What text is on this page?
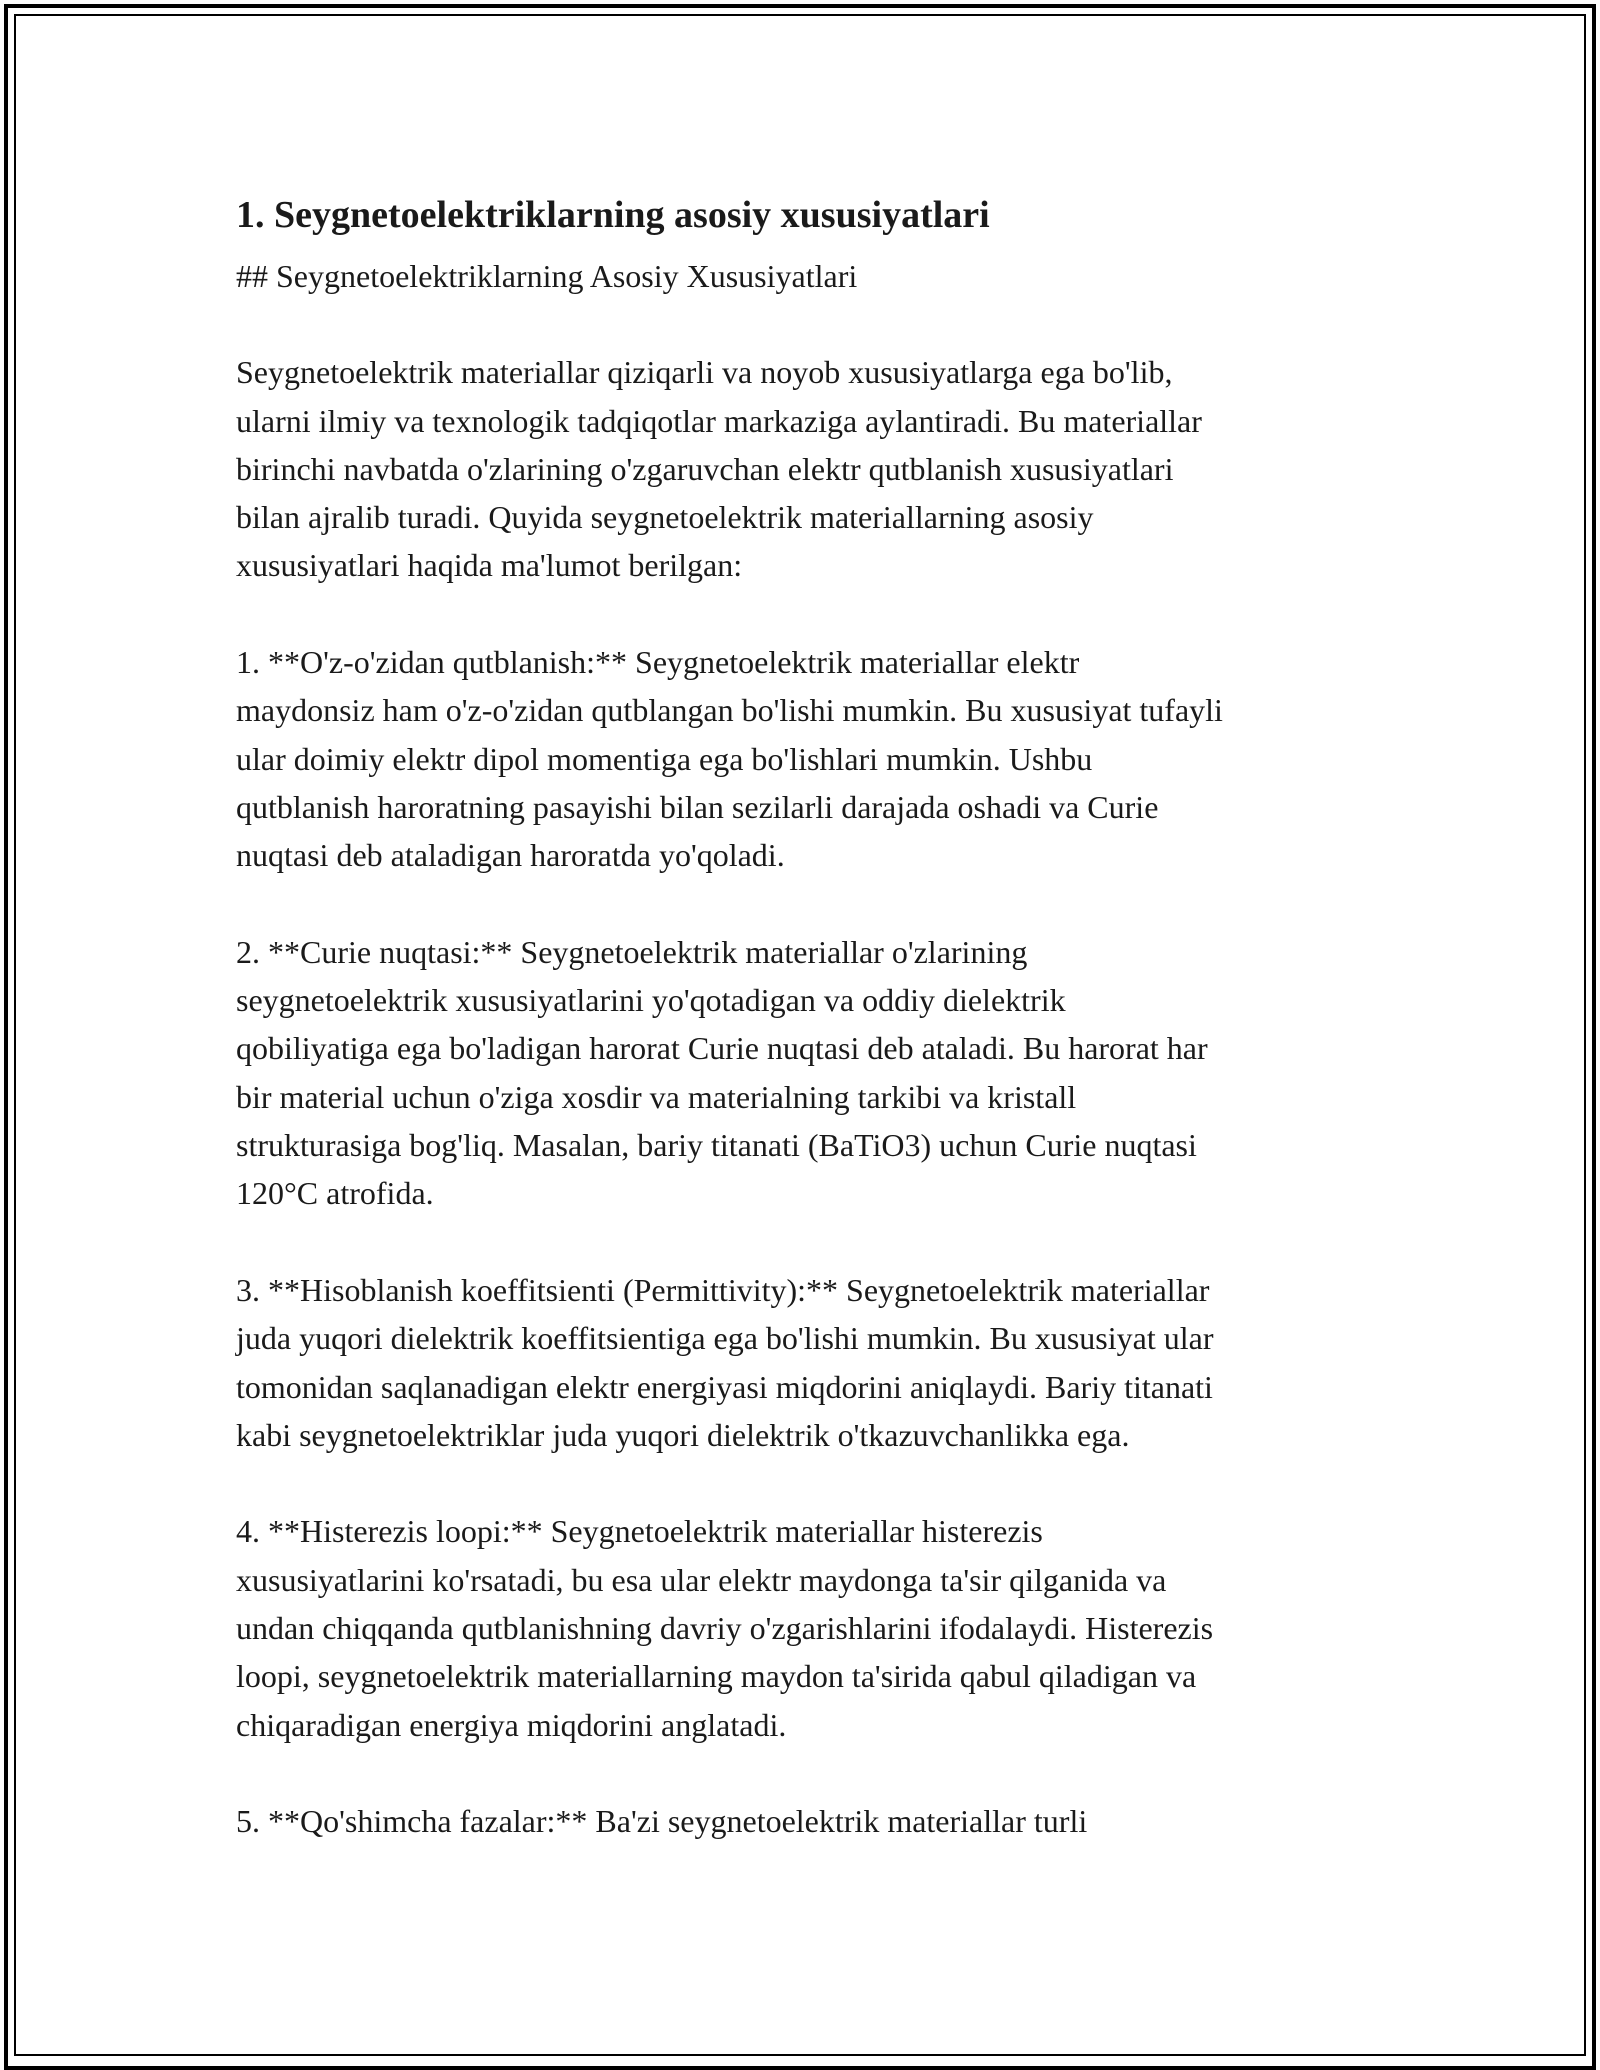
1. Seygnetoelektriklarning asosiy xususiyatlari

## Seygnetoelektriklarning Asosiy Xususiyatlari

Seygnetoelektrik materiallar qiziqarli va noyob xususiyatlarga ega bo'lib,
ularni ilmiy va texnologik tadqiqotlar markaziga aylantiradi. Bu materiallar
birinchi navbatda o'zlarining o'zgaruvchan elektr qutblanish xususiyatlari
bilan ajralib turadi. Quyida seygnetoelektrik materiallarning asosiy
xususiyatlari haqida ma'lumot berilgan:

1. **O'z-o'zidan qutblanish:** Seygnetoelektrik materiallar elektr
maydonsiz ham o'z-o'zidan qutblangan bo'lishi mumkin. Bu xususiyat tufayli
ular doimiy elektr dipol momentiga ega bo'lishlari mumkin. Ushbu
qutblanish haroratning pasayishi bilan sezilarli darajada oshadi va Curie
nuqtasi deb ataladigan haroratda yo'qoladi.

2. **Curie nuqtasi:** Seygnetoelektrik materiallar o'zlarining
seygnetoelektrik xususiyatlarini yo'qotadigan va oddiy dielektrik
qobiliyatiga ega bo'ladigan harorat Curie nuqtasi deb ataladi. Bu harorat har
bir material uchun o'ziga xosdir va materialning tarkibi va kristall
strukturasiga bog'liq. Masalan, bariy titanati (BaTiO3) uchun Curie nuqtasi
120°C atrofida.

3. **Hisoblanish koeffitsienti (Permittivity):** Seygnetoelektrik materiallar
juda yuqori dielektrik koeffitsientiga ega bo'lishi mumkin. Bu xususiyat ular
tomonidan saqlanadigan elektr energiyasi miqdorini aniqlaydi. Bariy titanati
kabi seygnetoelektriklar juda yuqori dielektrik o'tkazuvchanlikka ega.

4. **Histerezis loopi:** Seygnetoelektrik materiallar histerezis
xususiyatlarini ko'rsatadi, bu esa ular elektr maydonga ta'sir qilganida va
undan chiqqanda qutblanishning davriy o'zgarishlarini ifodalaydi. Histerezis
loopi, seygnetoelektrik materiallarning maydon ta'sirida qabul qiladigan va
chiqaradigan energiya miqdorini anglatadi.

5. **Qo'shimcha fazalar:** Ba'zi seygnetoelektrik materiallar turli
